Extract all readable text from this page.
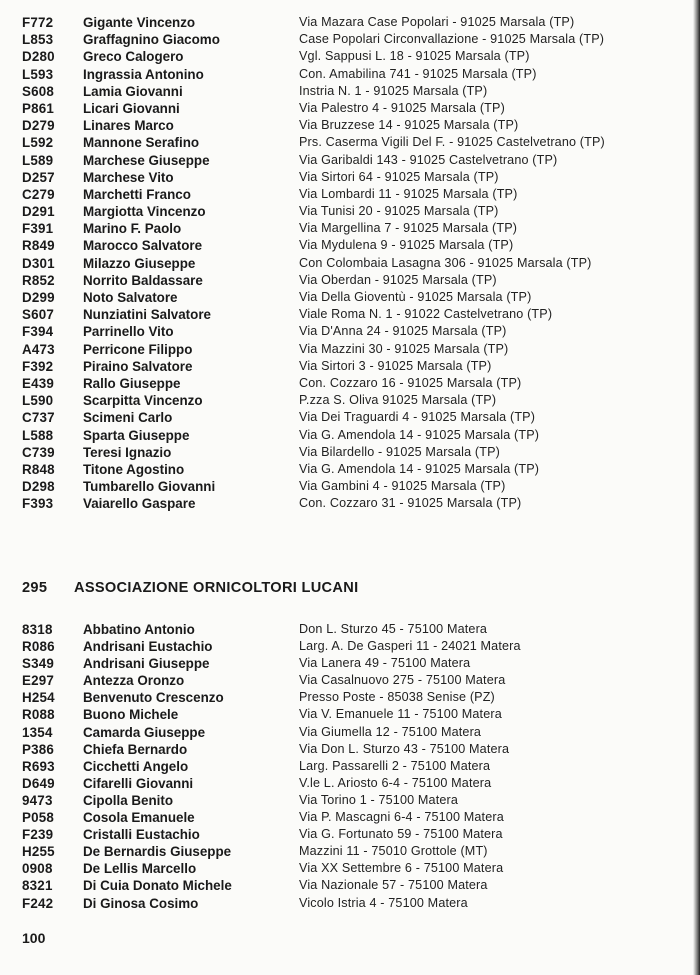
F772	Gigante Vincenzo	Via Mazara Case Popolari - 91025 Marsala (TP)
L853	Graffagnino Giacomo	Case Popolari Circonvallazione - 91025 Marsala (TP)
D280	Greco Calogero	Vgl. Sappusi L. 18 - 91025 Marsala (TP)
L593	Ingrassia Antonino	Con. Amabilina 741 - 91025 Marsala (TP)
S608	Lamia Giovanni	Instria N. 1 - 91025 Marsala (TP)
P861	Licari Giovanni	Via Palestro 4 - 91025 Marsala (TP)
D279	Linares Marco	Via Bruzzese 14 - 91025 Marsala (TP)
L592	Mannone Serafino	Prs. Caserma Vigili Del F. - 91025 Castelvetrano (TP)
L589	Marchese Giuseppe	Via Garibaldi 143 - 91025 Castelvetrano (TP)
D257	Marchese Vito	Via Sirtori 64 - 91025 Marsala (TP)
C279	Marchetti Franco	Via Lombardi 11 - 91025 Marsala (TP)
D291	Margiotta Vincenzo	Via Tunisi 20 - 91025 Marsala (TP)
F391	Marino F. Paolo	Via Margellina 7 - 91025 Marsala (TP)
R849	Marocco Salvatore	Via Mydulena 9 - 91025 Marsala (TP)
D301	Milazzo Giuseppe	Con Colombaia Lasagna 306 - 91025 Marsala (TP)
R852	Norrito Baldassare	Via Oberdan - 91025 Marsala (TP)
D299	Noto Salvatore	Via Della Gioventù - 91025 Marsala (TP)
S607	Nunziatini Salvatore	Viale Roma N. 1 - 91022 Castelvetrano (TP)
F394	Parrinello Vito	Via D'Anna 24 - 91025 Marsala (TP)
A473	Perricone Filippo	Via Mazzini 30 - 91025 Marsala (TP)
F392	Piraino Salvatore	Via Sirtori 3 - 91025 Marsala (TP)
E439	Rallo Giuseppe	Con. Cozzaro 16 - 91025 Marsala (TP)
L590	Scarpitta Vincenzo	P.zza S. Oliva 91025 Marsala (TP)
C737	Scimeni Carlo	Via Dei Traguardi 4 - 91025 Marsala (TP)
L588	Sparta Giuseppe	Via G. Amendola 14 - 91025 Marsala (TP)
C739	Teresi Ignazio	Via Bilardello - 91025 Marsala (TP)
R848	Titone Agostino	Via G. Amendola 14 - 91025 Marsala (TP)
D298	Tumbarello Giovanni	Via Gambini 4 - 91025 Marsala (TP)
F393	Vaiarello Gaspare	Con. Cozzaro 31 - 91025 Marsala (TP)
295 ASSOCIAZIONE ORNICOLTORI LUCANI
8318	Abbatino Antonio	Don L. Sturzo 45 - 75100 Matera
R086	Andrisani Eustachio	Larg. A. De Gasperi 11 - 24021 Matera
S349	Andrisani Giuseppe	Via Lanera 49 - 75100 Matera
E297	Antezza Oronzo	Via Casalnuovo 275 - 75100 Matera
H254	Benvenuto Crescenzo	Presso Poste - 85038 Senise (PZ)
R088	Buono Michele	Via V. Emanuele 11 - 75100 Matera
1354	Camarda Giuseppe	Via Giumella 12 - 75100 Matera
P386	Chiefa Bernardo	Via Don L. Sturzo 43 - 75100 Matera
R693	Cicchetti Angelo	Larg. Passarelli 2 - 75100 Matera
D649	Cifarelli Giovanni	V.le L. Ariosto 6-4 - 75100 Matera
9473	Cipolla Benito	Via Torino 1 - 75100 Matera
P058	Cosola Emanuele	Via P. Mascagni 6-4 - 75100 Matera
F239	Cristalli Eustachio	Via G. Fortunato 59 - 75100 Matera
H255	De Bernardis Giuseppe	Mazzini 11 - 75010 Grottole (MT)
0908	De Lellis Marcello	Via XX Settembre 6 - 75100 Matera
8321	Di Cuia Donato Michele	Via Nazionale 57 - 75100 Matera
F242	Di Ginosa Cosimo	Vicolo Istria 4 - 75100 Matera
100
